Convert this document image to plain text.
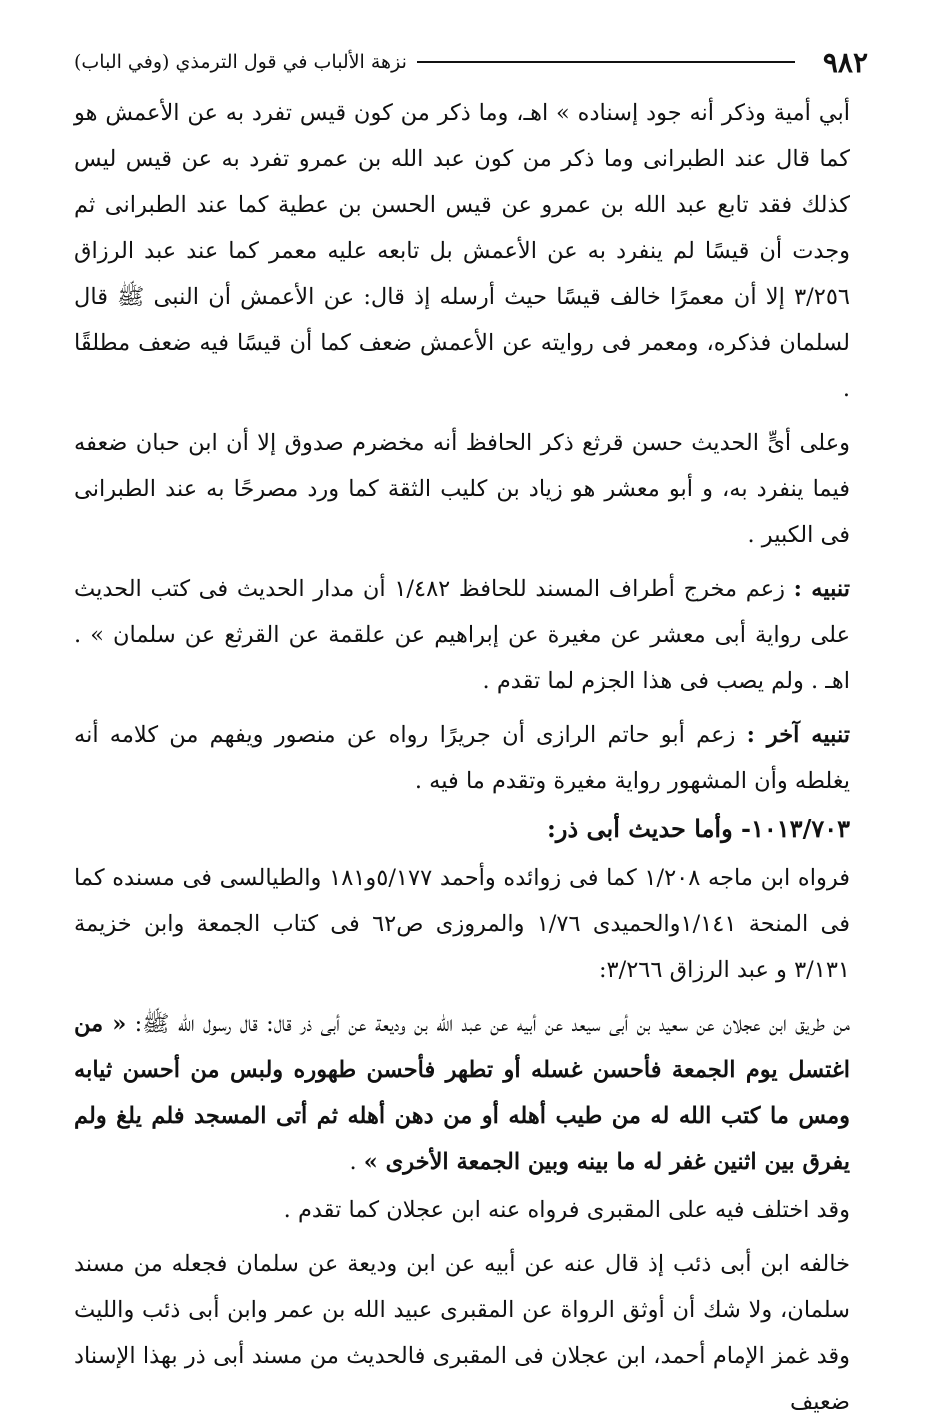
٩٨٢
نزهة الألباب في قول الترمذي (وفي الباب)

أبي أمية وذكر أنه جود إسناده » اهـ، وما ذكر من كون قيس تفرد به عن الأعمش هو كما قال عند الطبرانى وما ذكر من كون عبد الله بن عمرو تفرد به عن قيس ليس كذلك فقد تابع عبد الله بن عمرو عن قيس الحسن بن عطية كما عند الطبرانى ثم وجدت أن قيسًا لم ينفرد به عن الأعمش بل تابعه عليه معمر كما عند عبد الرزاق ٣/٢٥٦ إلا أن معمرًا خالف قيسًا حيث أرسله إذ قال: عن الأعمش أن النبى ﷺ قال لسلمان فذكره، ومعمر فى روايته عن الأعمش ضعف كما أن قيسًا فيه ضعف مطلقًا .

وعلى أىٍّ الحديث حسن قرثع ذكر الحافظ أنه مخضرم صدوق إلا أن ابن حبان ضعفه فيما ينفرد به، و أبو معشر هو زياد بن كليب الثقة كما ورد مصرحًا به عند الطبرانى فى الكبير .

تنبيه : زعم مخرج أطراف المسند للحافظ ١/٤٨٢ أن مدار الحديث فى كتب الحديث على رواية أبى معشر عن مغيرة عن إبراهيم عن علقمة عن القرثع عن سلمان » . اهـ . ولم يصب فى هذا الجزم لما تقدم .

تنبيه آخر : زعم أبو حاتم الرازى أن جريرًا رواه عن منصور ويفهم من كلامه أنه يغلطه وأن المشهور رواية مغيرة وتقدم ما فيه .

١٠١٣/٧٠٣- وأما حديث أبى ذر:

فرواه ابن ماجه ١/٢٠٨ كما فى زوائده وأحمد ٥/١٧٧و١٨١ والطيالسى فى مسنده كما فى المنحة ١/١٤١والحميدى ١/٧٦ والمروزى ص٦٢ فى كتاب الجمعة وابن خزيمة ٣/١٣١ و عبد الرزاق ٣/٢٦٦:

من طريق ابن عجلان عن سعيد بن أبى سيعد عن أبيه عن عبد الله بن وديعة عن أبى ذر قال: قال رسول الله ﷺ: « من اغتسل يوم الجمعة فأحسن غسله أو تطهر فأحسن طهوره ولبس من أحسن ثيابه ومس ما كتب الله له من طيب أهله أو من دهن أهله ثم أتى المسجد فلم يلغ ولم يفرق بين اثنين غفر له ما بينه وبين الجمعة الأخرى » .

وقد اختلف فيه على المقبرى فرواه عنه ابن عجلان كما تقدم .

خالفه ابن أبى ذئب إذ قال عنه عن أبيه عن ابن وديعة عن سلمان فجعله من مسند سلمان، ولا شك أن أوثق الرواة عن المقبرى عبيد الله بن عمر وابن أبى ذئب والليث وقد غمز الإمام أحمد، ابن عجلان فى المقبرى فالحديث من مسند أبى ذر بهذا الإسناد ضعيف
